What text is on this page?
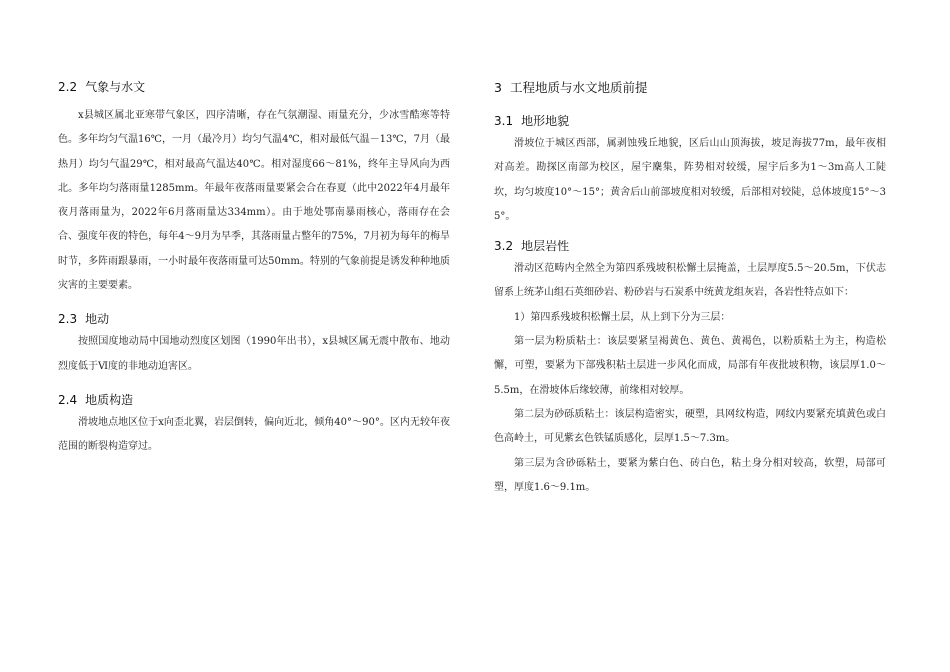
2.2 气象与水文

x县城区属北亚寒带气象区，四序清晰，存在气氛潮湿、雨量充分，少冰雪酷寒等特色。多年均匀气温16℃，一月（最冷月）均匀气温4℃，相对最低气温－13℃，7月（最热月）均匀气温29℃，相对最高气温达40℃。相对湿度66～81%，终年主导风向为西北。多年均匀落雨量1285mm。年最年夜落雨量要紧会合在春夏（此中2022年4月最年夜月落雨量为，2022年6月落雨量达334mm）。由于地处鄂南暴雨核心，落雨存在会合、强度年夜的特色，每年4～9月为早季，其落雨量占整年的75%，7月初为每年的梅旱时节，多阵雨跟暴雨，一小时最年夜落雨量可达50mm。特别的气象前提是诱发种种地质灾害的主要要素。

2.3 地动

按照国度地动局中国地动烈度区划图（1990年出书），x县城区属无震中散布、地动烈度低于Ⅵ度的非地动迫害区。

2.4 地质构造

滑坡地点地区位于x向歪北翼，岩层倒转，偏向近北，倾角40°～90°。区内无较年夜范围的断裂构造穿过。

3 工程地质与水文地质前提
3.1 地形地貌

滑坡位于城区西部，属剥蚀残丘地貌，区后山山顶海拔，坡足海拔77m，最年夜相对高差。勘探区南部为校区，屋宇麇集，阵势相对较缓，屋宇后多为1～3m高人工陡坎，均匀坡度10°～15°；黄舍后山前部坡度相对较缓，后部相对较陡，总体坡度15°～35°。

3.2 地层岩性

滑动区范畴内全然全为第四系残坡积松懈土层掩盖，土层厚度5.5～20.5m，下伏志留系上统茅山组石英细砂岩、粉砂岩与石炭系中统黄龙组灰岩，各岩性特点如下：

1）第四系残坡积松懈土层，从上到下分为三层：

第一层为粉质粘土：该层要紧呈褐黄色、黄色、黄褐色，以粉质粘土为主，构造松懈，可塑，要紧为下部残积粘土层进一步风化而成，局部有年夜批坡积物，该层厚1.0～5.5m，在滑坡体后缘较薄，前缘相对较厚。

第二层为砂砾质粘土：该层构造密实，硬塑，具网纹构造，网纹内要紧充填黄色或白色高岭土，可见紫玄色铁锰质感化，层厚1.5～7.3m。

第三层为含砂砾粘土，要紧为紫白色、砖白色，粘土身分相对较高，软塑，局部可塑，厚度1.6～9.1m。
